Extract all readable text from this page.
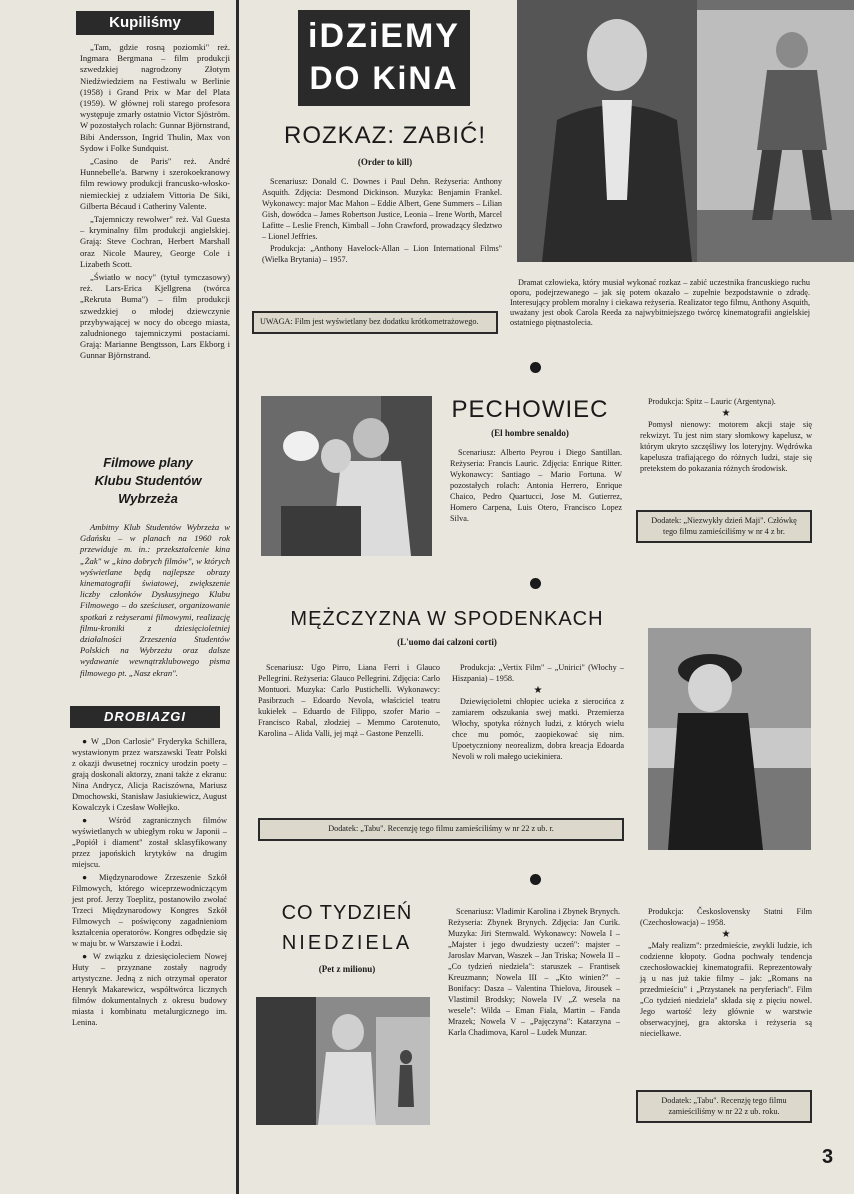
Kupiliśmy

„Tam, gdzie rosną poziomki" reż. Ingmara Bergmana – film produkcji szwedzkiej nagrodzony Złotym Niedźwiedziem na Festiwalu w Berlinie (1958) i Grand Prix w Mar del Plata (1959). W głównej roli starego profesora występuje zmarły ostatnio Victor Sjöström. W pozostałych rolach: Gunnar Björnstrand, Bibi Andersson, Ingrid Thulin, Max von Sydow i Folke Sundquist.

„Casino de Paris" reż. André Hunnebelle'a. Barwny i szerokoekranowy film rewiowy produkcji francusko-włosko-niemieckiej z udziałem Vittoria De Siki, Gilberta Bécaud i Catheriny Valente.

„Tajemniczy rewolwer" reż. Val Guesta – kryminalny film produkcji angielskiej. Grają: Steve Cochran, Herbert Marshall oraz Nicole Maurey, George Cole i Lizabeth Scott.

„Światło w nocy" (tytuł tymczasowy) reż. Lars-Erica Kjellgrena (twórca „Rekruta Bumа") – film produkcji szwedzkiej o młodej dziewczynie przybywającej w nocy do obcego miasta, zaludnionego tajemniczymi postaciami. Grają: Marianne Bengtsson, Lars Ekborg i Gunnar Björnstrand.

Filmowe plany Klubu Studentów Wybrzeża

Ambitny Klub Studentów Wybrzeża w Gdańsku – w planach na 1960 rok przewiduje m. in.: przekształcenie kina „Żak" w „kino dobrych filmów", w których wyświetlane będą najlepsze obrazy kinematografii światowej, zwiększenie liczby członków Dyskusyjnego Klubu Filmowego – do sześciuset, organizowanie spotkań z reżyserami filmowymi, realizację filmu-kroniki z dziesięcioletniej działalności Zrzeszenia Studentów Polskich na Wybrzeżu oraz dalsze wydawanie wewnątrzklubowego pisma filmowego pt. „Nasz ekran".

DROBIAZGI

● W „Don Carlosie" Fryderyka Schillera, wystawionym przez warszawski Teatr Polski z okazji dwusetnej rocznicy urodzin poety – grają doskonali aktorzy, znani także z ekranu: Nina Andrycz, Alicja Raciszówna, Mariusz Dmochowski, Stanisław Jasiukiewicz, August Kowalczyk i Czesław Wołłejko.

● Wśród zagranicznych filmów wyświetlanych w ubiegłym roku w Japonii – „Popiół i diament" został sklasyfikowany przez japońskich krytyków na drugim miejscu.

● Międzynarodowe Zrzeszenie Szkół Filmowych, którego wiceprzewodniczącym jest prof. Jerzy Toeplitz, postanowiło zwołać Trzeci Międzynarodowy Kongres Szkół Filmowych – poświęcony zagadnieniom kształcenia operatorów. Kongres odbędzie się w maju br. w Warszawie i Łodzi.

● W związku z dziesięcioleciem Nowej Huty – przyznane zostały nagrody artystyczne. Jedną z nich otrzymał operator Henryk Makarewicz, współtwórca licznych filmów dokumentalnych z okresu budowy miasta i kombinatu metalurgicznego im. Lenina.

iDZiEMY
DO KiNA
ROZKAZ: ZABIĆ!
(Order to kill)

Scenariusz: Donald C. Downes i Paul Dehn. Reżyseria: Anthony Asquith. Zdjęcia: Desmond Dickinson. Muzyka: Benjamin Frankel. Wykonawcy: major Mac Mahon – Eddie Albert, Gene Summers – Lilian Gish, dowódca – James Robertson Justice, Leonia – Irene Worth, Marcel Lafitte – Leslie French, Kimball – John Crawford, prowadzący śledztwo – Lionel Jeffries.

Produkcja: „Anthony Havelock-Allan – Lion International Films" (Wielka Brytania) – 1957.

UWAGA: Film jest wyświetlany bez dodatku krótkometrażowego.

Dramat człowieka, który musiał wykonać rozkaz – zabić uczestnika francuskiego ruchu oporu, podejrzewanego – jak się potem okazało – zupełnie bezpodstawnie o zdradę. Interesujący problem moralny i ciekawa reżyseria. Realizator tego filmu, Anthony Asquith, uważany jest obok Carola Reeda za najwybitniejszego twórcę kinematografii angielskiej ostatniego piętnastolecia.

PECHOWIEC
(El hombre senaldo)

Scenariusz: Alberto Peyrou i Diego Santillan. Reżyseria: Francis Lauric. Zdjęcia: Enrique Ritter. Wykonawcy: Santiago – Mario Fortuna. W pozostałych rolach: Antonia Herrero, Enrique Chaico, Pedro Quartucci, Jose M. Gutierrez, Homero Carpena, Luis Otero, Francisco Lopez Silva.

Produkcja: Spitz – Lauric (Argentyna).

★

Pomysł nienowy: motorem akcji staje się rekwizyt. Tu jest nim stary słomkowy kapelusz, w którym ukryto szczęśliwy los loteryjny. Wędrówka kapelusza trafiającego do różnych ludzi, staje się pretekstem do pokazania różnych środowisk.

Dodatek: „Niezwykły dzień Maji". Człówkę tego filmu zamieściliśmy w nr 4 z br.
MĘŻCZYZNA W SPODENKACH
(L'uomo dai calzoni corti)

Scenariusz: Ugo Pirro, Liana Ferri i Glauco Pellegrini. Reżyseria: Glauco Pellegrini. Zdjęcia: Carlo Montuori. Muzyka: Carlo Pustichelli. Wykonawcy: Pasibrzuch – Edoardo Nevola, właściciel teatru kukiełek – Eduardo de Filippo, szofer Mario – Francisco Rabal, złodziej – Memmo Carotenuto, Karolina – Alida Valli, jej mąż – Gastone Penzelli.

Produkcja: „Vertix Film" – „Unirici" (Włochy – Hiszpania) – 1958.

★

Dziewięcioletni chłopiec ucieka z sierocińca z zamiarem odszukania swej matki. Przemierza Włochy, spotyka różnych ludzi, z których wielu chce mu pomóc, zaopiekować się nim. Upoetyczniony neorealizm, dobra kreacja Edoarda Nevoli w roli małego uciekiniera.

Dodatek: „Tabu". Recenzję tego filmu zamieściliśmy w nr 22 z ub. r.
CO TYDZIEŃ
NIEDZIELA
(Pet z milionu)

Scenariusz: Vladimir Karolina i Zbynek Brynych. Reżyseria: Zbynek Brynych. Zdjęcia: Jan Curik. Muzyka: Jiri Sternwald. Wykonawcy: Nowela I – „Majster i jego dwudziesty uczeń": majster – Jaroslav Marvan, Waszek – Jan Triska; Nowela II – „Co tydzień niedziela": staruszek – Frantisek Kreuzmann; Nowela III – „Kto winien?" – Bonifacy: Dasza – Valentina Thielova, Jirousek – Vlastimil Brodsky; Nowela IV „Z wesela na wesele": Wilda – Eman Fiala, Martin – Fanda Mrazek; Nowela V – „Pajęczyna": Katarzyna – Karla Chadimova, Karol – Ludek Munzar.

Produkcja: Československy Statni Film (Czechosłowacja) – 1958.

★

„Mały realizm": przedmieście, zwykli ludzie, ich codzienne kłopoty. Godna pochwały tendencja czechosłowackiej kinematografii. Reprezentowały ją u nas już takie filmy – jak: „Romans na przedmieściu" i „Przystanek na peryferiach". Film „Co tydzień niedziela" składa się z pięciu nowel. Jego wartość leży głównie w warstwie obserwacyjnej, gra aktorska i reżyseria są niecielkawe.

Dodatek: „Tabu". Recenzję tego filmu zamieściliśmy w nr 22 z ub. roku.
3
